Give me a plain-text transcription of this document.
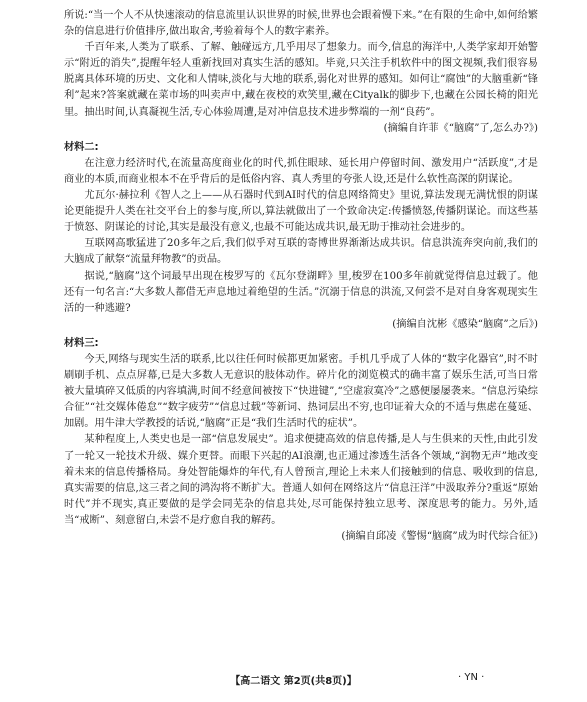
所说:“当一个人不从快速滚动的信息流里认识世界的时候,世界也会跟着慢下来。”在有限的生命中,如何给繁杂的信息进行价值排序,做出取舍,考验着每个人的数字素养。

千百年来,人类为了联系、了解、触碰远方,几乎用尽了想象力。而今,信息的海洋中,人类学家却开始警示“附近的消失”,提醒年轻人重新找回对真实生活的感知。毕竟,只关注手机软件中的图文视频,我们很容易脱离具体环境的历史、文化和人情味,淡化与大地的联系,弱化对世界的感知。如何让“腐蚀”的大脑重新“锋利”起来?答案就藏在菜市场的叫卖声中,藏在夜校的欢笑里,藏在Cityalk的脚步下,也藏在公园长椅的阳光里。抽出时间,认真凝视生活,专心体验周遭,是对冲信息技术进步弊端的一剂“良药”。

(摘编自许菲《“脑腐”了,怎么办?》)

材料二:

在注意力经济时代,在流量高度商业化的时代,抓住眼球、延长用户停留时间、激发用户“活跃度”,才是商业的本质,而商业根本不在乎背后的是低俗内容、真人秀里的夸张人设,还是什么软性高深的阴谋论。

尤瓦尔·赫拉利《智人之上——从石器时代到AI时代的信息网络简史》里说,算法发现无满忧恨的阴谋论更能提升人类在社交平台上的参与度,所以,算法就做出了一个致命决定:传播愤怒,传播阴谋论。而这些基于愤怒、阴谋论的讨论,其实是最没有意义,也最不可能达成共识,最无助于推动社会进步的。

互联网高歌猛进了20多年之后,我们似乎对互联的寄博世界渐渐达成共识。信息洪流奔突向前,我们的大脑成了献祭“流量拜物教”的贡品。

据说,“脑腐”这个词最早出现在梭罗写的《瓦尔登湖畔》里,梭罗在100多年前就觉得信息过载了。他还有一句名言:“大多数人都借无声息地过着绝望的生活。”沉溺于信息的洪流,又何尝不是对自身客观现实生活的一种逃避?

(摘编自沈彬《感染“脑腐”之后》)

材料三:

今天,网络与现实生活的联系,比以往任何时候都更加紧密。手机几乎成了人体的“数字化器官”,时不时刷刷手机、点点屏幕,已是大多数人无意识的肢体动作。碎片化的浏览模式的确丰富了娱乐生活,可当日常被大量填碎又低质的内容填满,时间不经意间被按下“快进键”,“空虚寂寞冷”之感便屡屡袭来。“信息污染综合征”“社交媒体倦怠”“数字疲劳”“信息过载”等新词、热词层出不穷,也印证着大众的不适与焦虑在蔓延、加剧。用牛津大学教授的话说,“脑腐”正是“我们生活时代的症状”。

某种程度上,人类史也是一部“信息发展史”。追求便捷高效的信息传播,是人与生俱来的天性,由此引发了一轮又一轮技术升级、媒介更替。而眼下兴起的AI浪潮,也正通过渗透生活各个领域,“润物无声”地改变着未来的信息传播格局。身处智能爆炸的年代,有人曾预言,理论上未来人们接触到的信息、吸收到的信息,真实需要的信息,这三者之间的鸿沟将不断扩大。普通人如何在网络这片“信息汪洋”中汲取养分?重返“原始时代”并不现实,真正要做的是学会同芜杂的信息共处,尽可能保持独立思考、深度思考的能力。另外,适当“戒断”、刻意留白,未尝不是疗愈自我的解药。

(摘编自邱凌《警惕“脑腐”成为时代综合征》)

【高二语文 第2页(共8页)】	· YN ·
